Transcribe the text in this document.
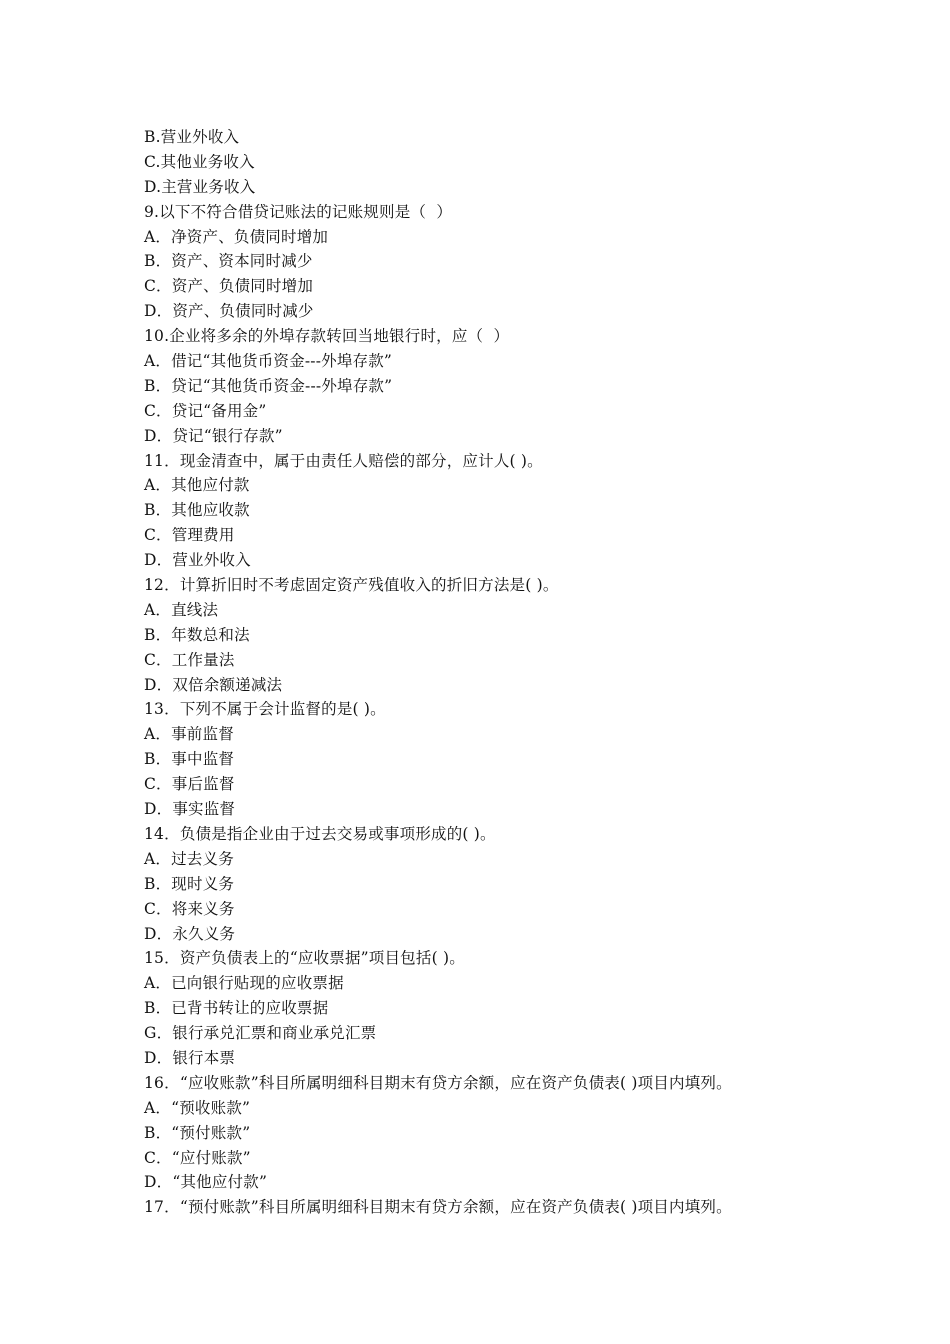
B.营业外收入
C.其他业务收入
D.主营业务收入
9.以下不符合借贷记账法的记账规则是（  ）
A．净资产、负债同时增加
B．资产、资本同时减少
C．资产、负债同时增加
D．资产、负债同时减少
10.企业将多余的外埠存款转回当地银行时，应（  ）
A．借记“其他货币资金---外埠存款”
B．贷记“其他货币资金---外埠存款”
C．贷记“备用金”
D．贷记“银行存款”
11．现金清查中，属于由责任人赔偿的部分，应计人( )。
A．其他应付款
B．其他应收款
C．管理费用
D．营业外收入
12．计算折旧时不考虑固定资产残值收入的折旧方法是( )。
A．直线法
B．年数总和法
C．工作量法
D．双倍余额递减法
13．下列不属于会计监督的是( )。
A．事前监督
B．事中监督
C．事后监督
D．事实监督
14．负债是指企业由于过去交易或事项形成的( )。
A．过去义务
B．现时义务
C．将来义务
D．永久义务
15．资产负债表上的“应收票据”项目包括( )。
A．已向银行贴现的应收票据
B．已背书转让的应收票据
G．银行承兑汇票和商业承兑汇票
D．银行本票
16．“应收账款”科目所属明细科目期末有贷方余额，应在资产负债表( )项目内填列。
A．“预收账款”
B．“预付账款”
C．“应付账款”
D．“其他应付款”
17．“预付账款”科目所属明细科目期末有贷方余额，应在资产负债表( )项目内填列。
